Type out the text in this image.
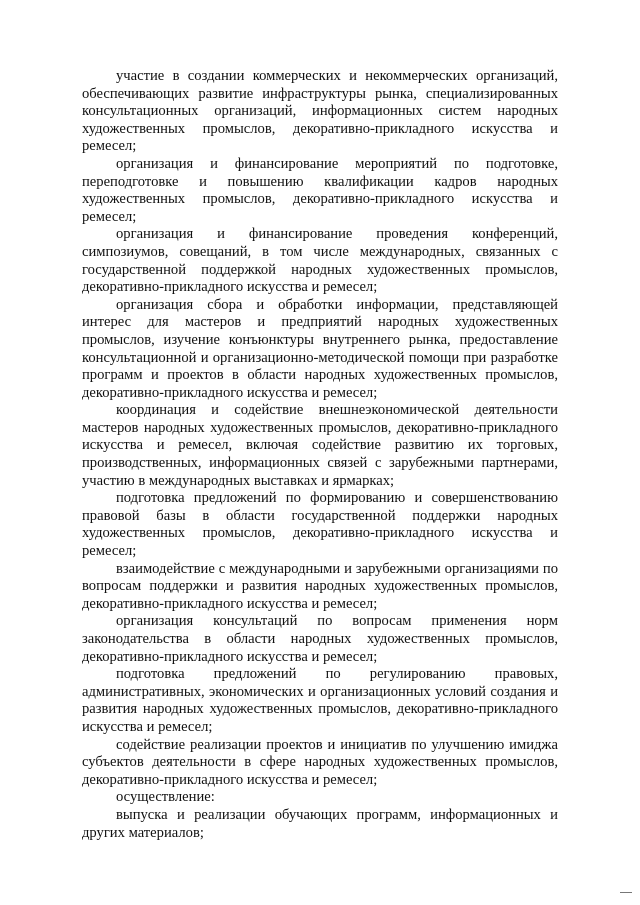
участие в создании коммерческих и некоммерческих организаций, обеспечивающих развитие инфраструктуры рынка, специализированных консультационных организаций, информационных систем народных художественных промыслов, декоративно-прикладного искусства и ремесел;

организация и финансирование мероприятий по подготовке, переподготовке и повышению квалификации кадров народных художественных промыслов, декоративно-прикладного искусства и ремесел;

организация и финансирование проведения конференций, симпозиумов, совещаний, в том числе международных, связанных с государственной поддержкой народных художественных промыслов, декоративно-прикладного искусства и ремесел;

организация сбора и обработки информации, представляющей интерес для мастеров и предприятий народных художественных промыслов, изучение конъюнктуры внутреннего рынка, предоставление консультационной и организационно-методической помощи при разработке программ и проектов в области народных художественных промыслов, декоративно-прикладного искусства и ремесел;

координация и содействие внешнеэкономической деятельности мастеров народных художественных промыслов, декоративно-прикладного искусства и ремесел, включая содействие развитию их торговых, производственных, информационных связей с зарубежными партнерами, участию в международных выставках и ярмарках;

подготовка предложений по формированию и совершенствованию правовой базы в области государственной поддержки народных художественных промыслов, декоративно-прикладного искусства и ремесел;

взаимодействие с международными и зарубежными организациями по вопросам поддержки и развития народных художественных промыслов, декоративно-прикладного искусства и ремесел;

организация консультаций по вопросам применения норм законодательства в области народных художественных промыслов, декоративно-прикладного искусства и ремесел;

подготовка предложений по регулированию правовых, административных, экономических и организационных условий создания и развития народных художественных промыслов, декоративно-прикладного искусства и ремесел;

содействие реализации проектов и инициатив по улучшению имиджа субъектов деятельности в сфере народных художественных промыслов, декоративно-прикладного искусства и ремесел;

осуществление:

выпуска и реализации обучающих программ, информационных и других материалов;
